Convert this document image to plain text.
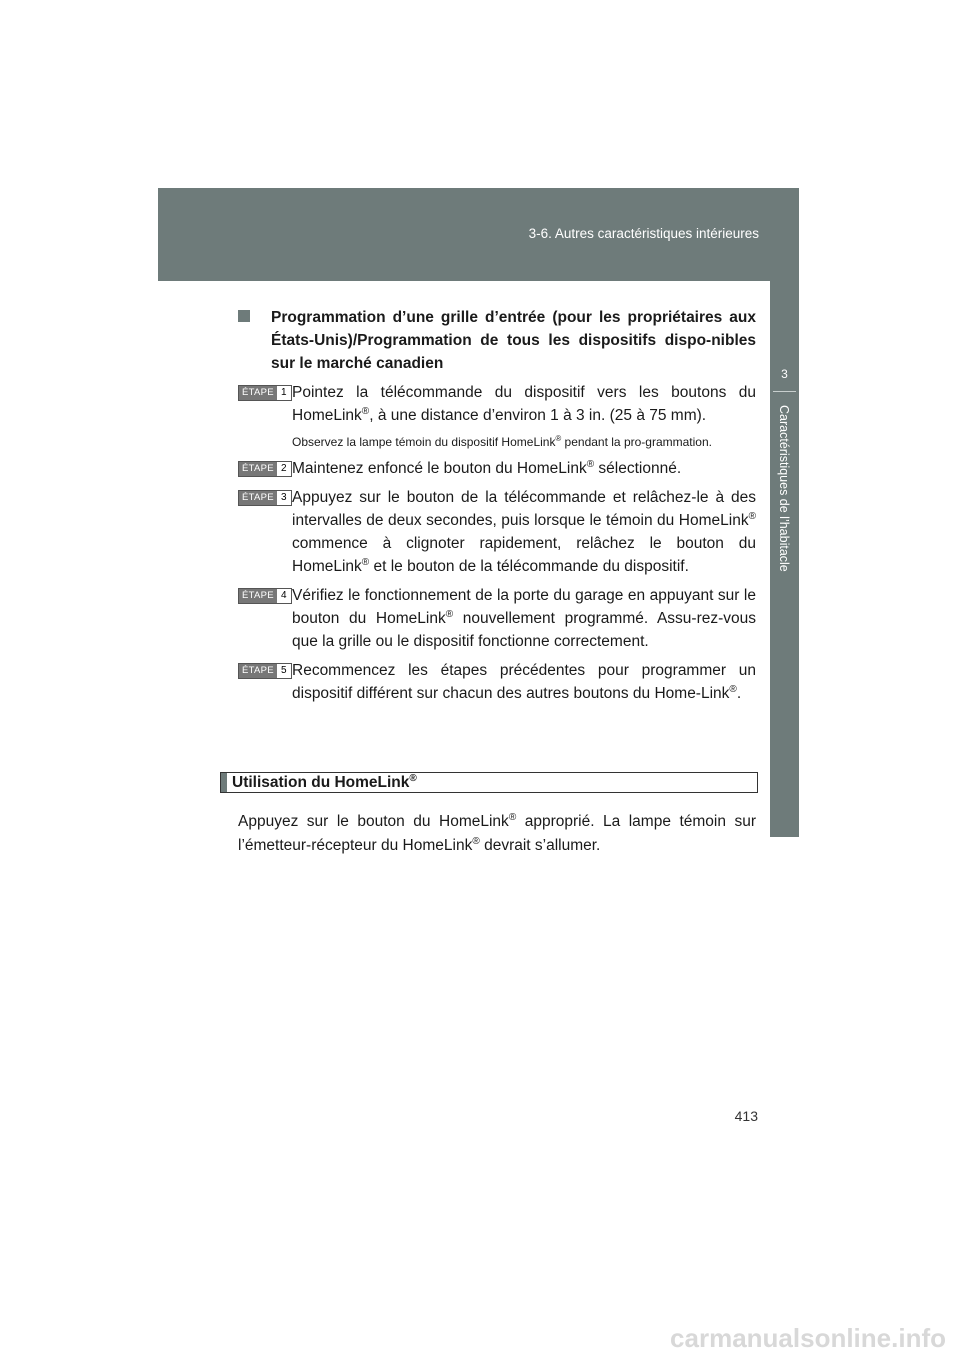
3-6. Autres caractéristiques intérieures
3
Caractéristiques de l’habitacle
Programmation d’une grille d’entrée (pour les propriétaires aux États-Unis)/Programmation de tous les dispositifs dispo-nibles sur le marché canadien
ÉTAPE 1 Pointez la télécommande du dispositif vers les boutons du HomeLink®, à une distance d’environ 1 à 3 in. (25 à 75 mm).
Observez la lampe témoin du dispositif HomeLink® pendant la pro-grammation.
ÉTAPE 2 Maintenez enfoncé le bouton du HomeLink® sélectionné.
ÉTAPE 3 Appuyez sur le bouton de la télécommande et relâchez-le à des intervalles de deux secondes, puis lorsque le témoin du HomeLink® commence à clignoter rapidement, relâchez le bouton du HomeLink® et le bouton de la télécommande du dispositif.
ÉTAPE 4 Vérifiez le fonctionnement de la porte du garage en appuyant sur le bouton du HomeLink® nouvellement programmé. Assu-rez-vous que la grille ou le dispositif fonctionne correctement.
ÉTAPE 5 Recommencez les étapes précédentes pour programmer un dispositif différent sur chacun des autres boutons du Home-Link®.
Utilisation du HomeLink®
Appuyez sur le bouton du HomeLink® approprié. La lampe témoin sur l’émetteur-récepteur du HomeLink® devrait s’allumer.
413
carmanualsonline.info
